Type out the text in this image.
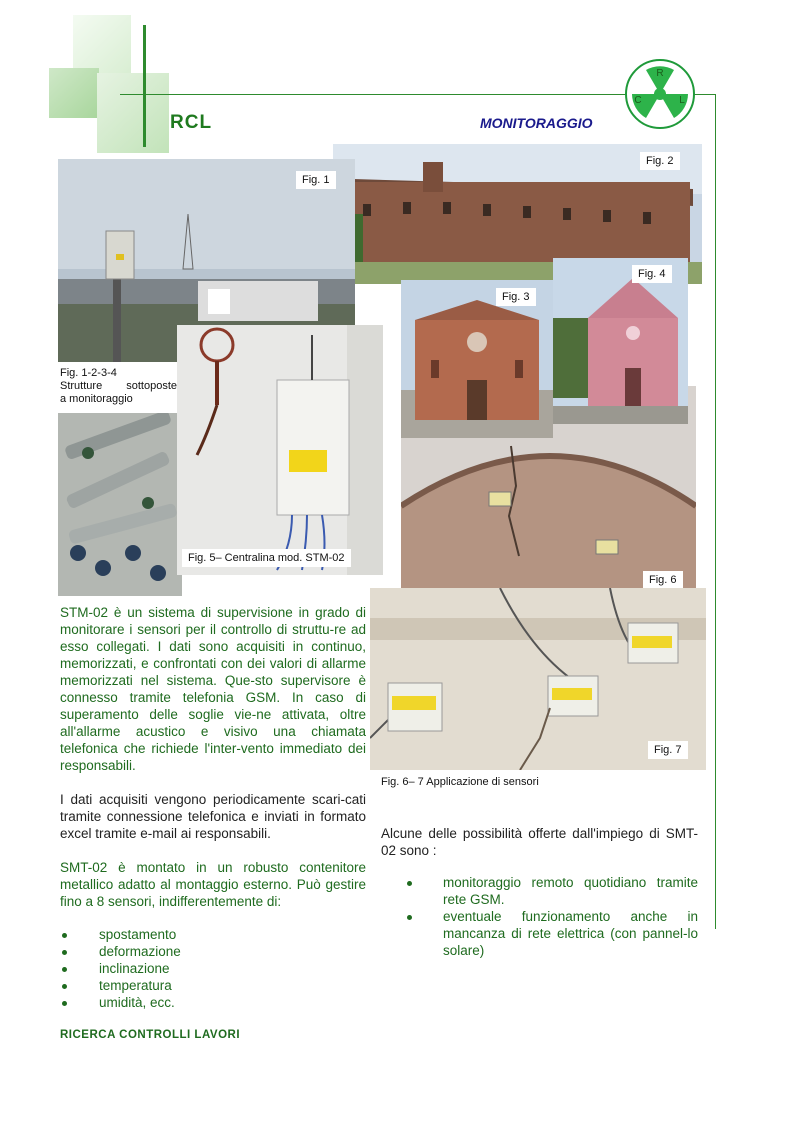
RCL	MONITORAGGIO
R
C	L
Fig. 2
Fig. 1
Fig. 1-2-3-4
Strutture sottoposte
a monitoraggio
Fig. 5– Centralina mod. STM-02
Fig. 6
Fig. 3
Fig. 4
Fig. 7
Fig. 6– 7 Applicazione di sensori
STM-02 è un sistema di supervisione in grado di monitorare i sensori per il controllo di struttu-re ad esso collegati. I dati sono acquisiti in continuo, memorizzati, e confrontati con dei valori di allarme memorizzati nel sistema. Que-sto supervisore è connesso tramite telefonia GSM. In caso di superamento delle soglie vie-ne attivata, oltre all'allarme acustico e visivo una chiamata telefonica che richiede l'inter-vento immediato dei responsabili.
I dati acquisiti vengono periodicamente scari-cati tramite connessione telefonica e inviati in formato excel tramite e-mail ai responsabili.
SMT-02 è montato in un robusto contenitore metallico adatto al montaggio esterno. Può gestire fino a 8 sensori, indifferentemente di:
spostamento
deformazione
inclinazione
temperatura
umidità, ecc.
Alcune delle possibilità offerte dall'impiego di SMT-02 sono :
monitoraggio remoto quotidiano tramite rete GSM.
eventuale funzionamento anche in mancanza di rete elettrica (con pannel-lo solare)
RICERCA CONTROLLI LAVORI
